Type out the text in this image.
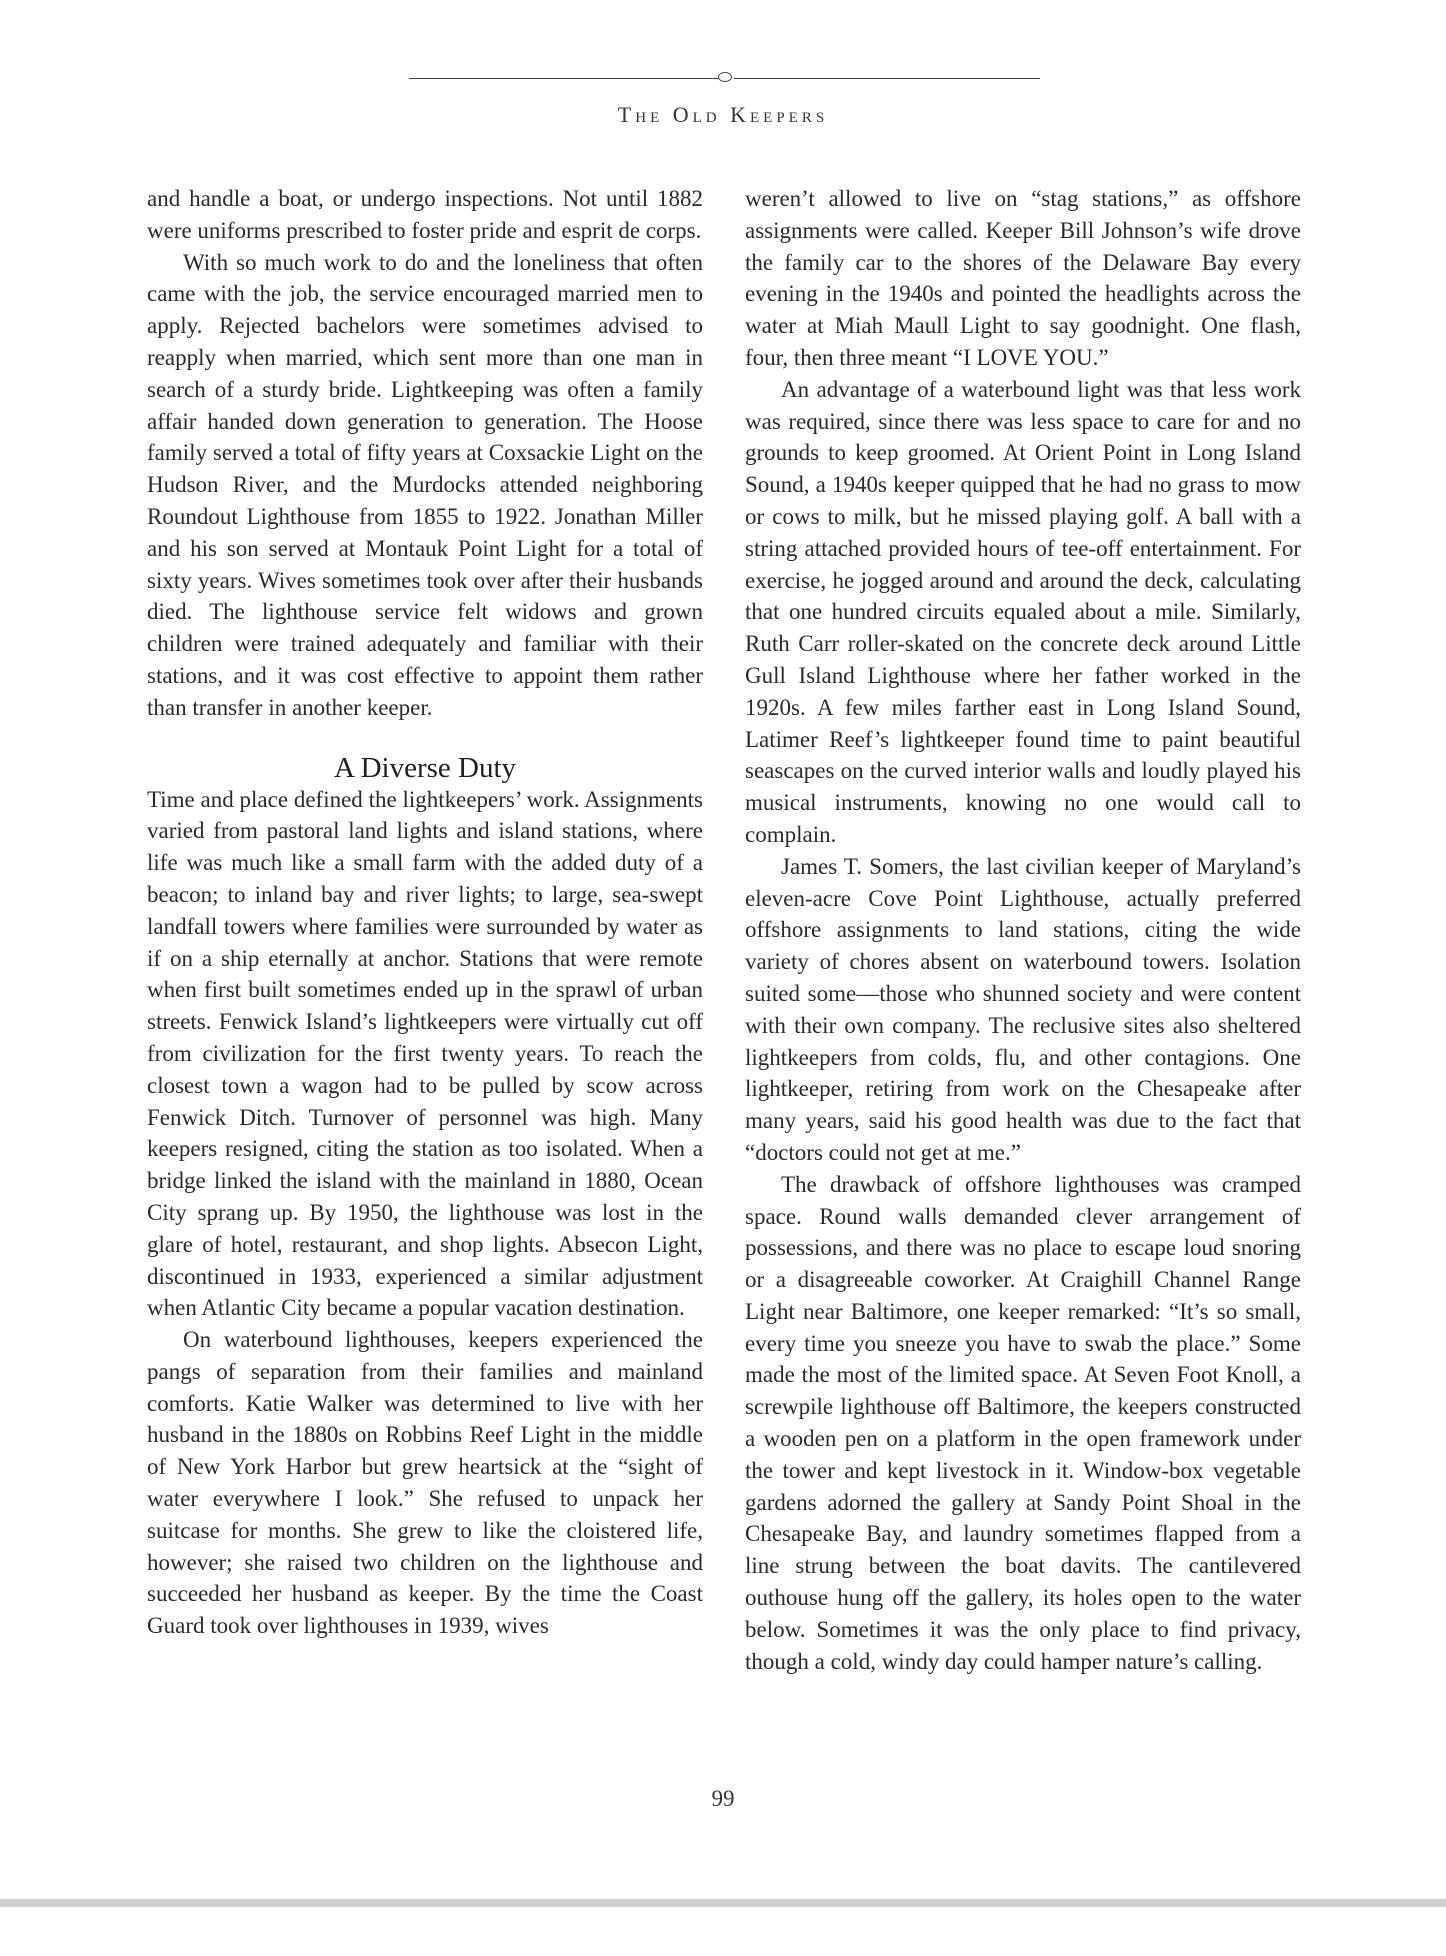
The Old Keepers

and handle a boat, or undergo inspections. Not until 1882 were uniforms prescribed to foster pride and esprit de corps.

With so much work to do and the loneliness that often came with the job, the service encouraged married men to apply. Rejected bachelors were sometimes advised to reapply when married, which sent more than one man in search of a sturdy bride. Lightkeeping was often a family affair handed down generation to generation. The Hoose family served a total of fifty years at Coxsackie Light on the Hudson River, and the Murdocks attended neighboring Roundout Lighthouse from 1855 to 1922. Jonathan Miller and his son served at Montauk Point Light for a total of sixty years. Wives sometimes took over after their husbands died. The lighthouse service felt widows and grown children were trained adequately and familiar with their stations, and it was cost effective to appoint them rather than transfer in another keeper.

A Diverse Duty

Time and place defined the lightkeepers’ work. Assignments varied from pastoral land lights and island stations, where life was much like a small farm with the added duty of a beacon; to inland bay and river lights; to large, sea-swept landfall towers where families were surrounded by water as if on a ship eternally at anchor. Stations that were remote when first built sometimes ended up in the sprawl of urban streets. Fenwick Island’s lightkeepers were virtually cut off from civilization for the first twenty years. To reach the closest town a wagon had to be pulled by scow across Fenwick Ditch. Turnover of personnel was high. Many keepers resigned, citing the station as too isolated. When a bridge linked the island with the mainland in 1880, Ocean City sprang up. By 1950, the lighthouse was lost in the glare of hotel, restaurant, and shop lights. Absecon Light, discontinued in 1933, experienced a similar adjustment when Atlantic City became a popular vacation destination.

On waterbound lighthouses, keepers experienced the pangs of separation from their families and mainland comforts. Katie Walker was determined to live with her husband in the 1880s on Robbins Reef Light in the middle of New York Harbor but grew heartsick at the “sight of water everywhere I look.” She refused to unpack her suitcase for months. She grew to like the cloistered life, however; she raised two children on the lighthouse and succeeded her husband as keeper. By the time the Coast Guard took over lighthouses in 1939, wives

weren’t allowed to live on “stag stations,” as offshore assignments were called. Keeper Bill Johnson’s wife drove the family car to the shores of the Delaware Bay every evening in the 1940s and pointed the headlights across the water at Miah Maull Light to say goodnight. One flash, four, then three meant “I LOVE YOU.”

An advantage of a waterbound light was that less work was required, since there was less space to care for and no grounds to keep groomed. At Orient Point in Long Island Sound, a 1940s keeper quipped that he had no grass to mow or cows to milk, but he missed playing golf. A ball with a string attached provided hours of tee-off entertainment. For exercise, he jogged around and around the deck, calculating that one hundred circuits equaled about a mile. Similarly, Ruth Carr roller-skated on the concrete deck around Little Gull Island Lighthouse where her father worked in the 1920s. A few miles farther east in Long Island Sound, Latimer Reef’s lightkeeper found time to paint beautiful seascapes on the curved interior walls and loudly played his musical instruments, knowing no one would call to complain.

James T. Somers, the last civilian keeper of Maryland’s eleven-acre Cove Point Lighthouse, actually preferred offshore assignments to land stations, citing the wide variety of chores absent on waterbound towers. Isolation suited some—those who shunned society and were content with their own company. The reclusive sites also sheltered lightkeepers from colds, flu, and other contagions. One lightkeeper, retiring from work on the Chesapeake after many years, said his good health was due to the fact that “doctors could not get at me.”

The drawback of offshore lighthouses was cramped space. Round walls demanded clever arrangement of possessions, and there was no place to escape loud snoring or a disagreeable coworker. At Craighill Channel Range Light near Baltimore, one keeper remarked: “It’s so small, every time you sneeze you have to swab the place.” Some made the most of the limited space. At Seven Foot Knoll, a screwpile lighthouse off Baltimore, the keepers constructed a wooden pen on a platform in the open framework under the tower and kept livestock in it. Window-box vegetable gardens adorned the gallery at Sandy Point Shoal in the Chesapeake Bay, and laundry sometimes flapped from a line strung between the boat davits. The cantilevered outhouse hung off the gallery, its holes open to the water below. Sometimes it was the only place to find privacy, though a cold, windy day could hamper nature’s calling.

99
